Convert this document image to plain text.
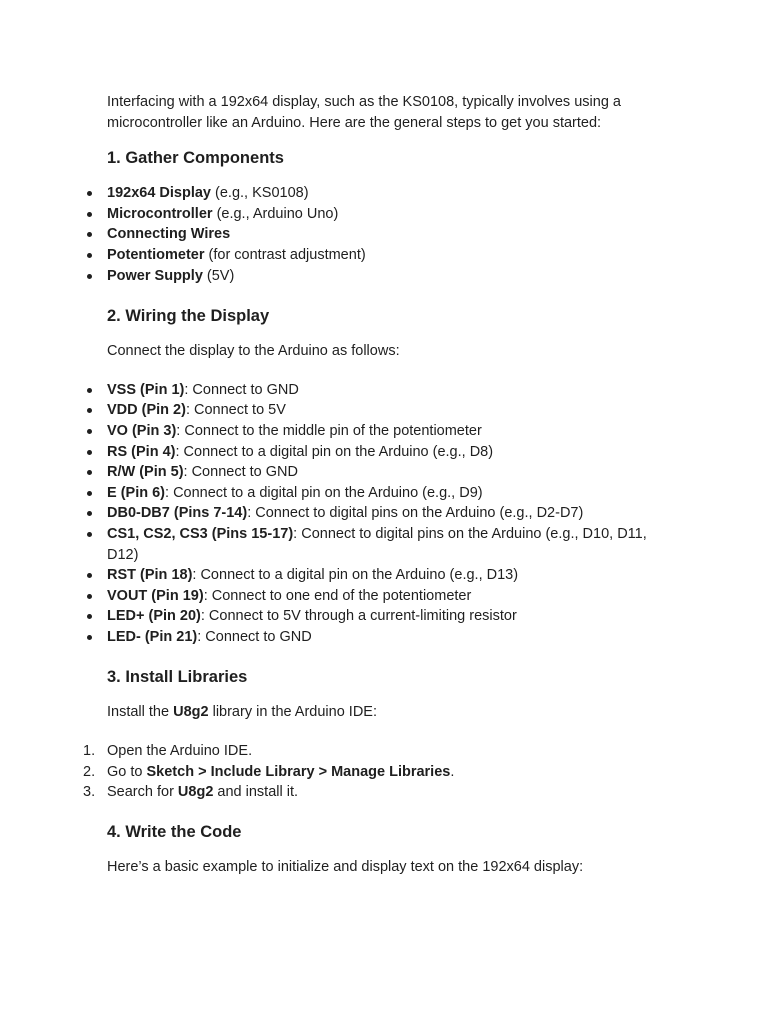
Interfacing with a 192x64 display, such as the KS0108, typically involves using a
microcontroller like an Arduino. Here are the general steps to get you started:

1. Gather Components
192x64 Display (e.g., KS0108)
Microcontroller (e.g., Arduino Uno)
Connecting Wires
Potentiometer (for contrast adjustment)
Power Supply (5V)
2. Wiring the Display

Connect the display to the Arduino as follows:

VSS (Pin 1): Connect to GND
VDD (Pin 2): Connect to 5V
VO (Pin 3): Connect to the middle pin of the potentiometer
RS (Pin 4): Connect to a digital pin on the Arduino (e.g., D8)
R/W (Pin 5): Connect to GND
E (Pin 6): Connect to a digital pin on the Arduino (e.g., D9)
DB0-DB7 (Pins 7-14): Connect to digital pins on the Arduino (e.g., D2-D7)
CS1, CS2, CS3 (Pins 15-17): Connect to digital pins on the Arduino (e.g., D10, D11, D12)
RST (Pin 18): Connect to a digital pin on the Arduino (e.g., D13)
VOUT (Pin 19): Connect to one end of the potentiometer
LED+ (Pin 20): Connect to 5V through a current-limiting resistor
LED- (Pin 21): Connect to GND
3. Install Libraries

Install the U8g2 library in the Arduino IDE:

1. Open the Arduino IDE.
2. Go to Sketch > Include Library > Manage Libraries.
3. Search for U8g2 and install it.
4. Write the Code

Here’s a basic example to initialize and display text on the 192x64 display:
